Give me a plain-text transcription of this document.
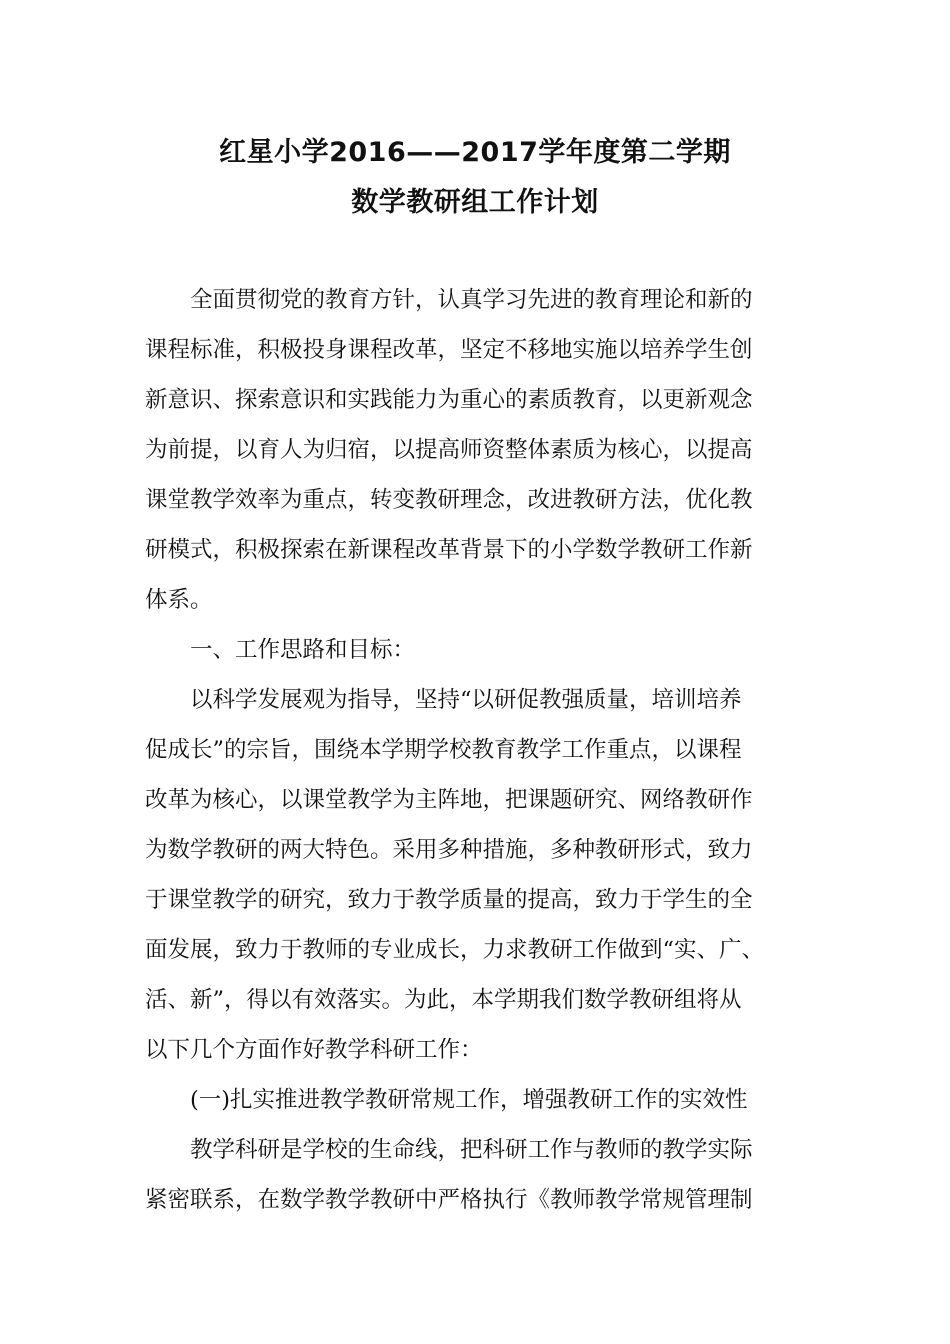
红星小学2016——2017学年度第二学期
数学教研组工作计划

　　全面贯彻党的教育方针，认真学习先进的教育理论和新的

课程标准，积极投身课程改革，坚定不移地实施以培养学生创

新意识、探索意识和实践能力为重心的素质教育，以更新观念

为前提，以育人为归宿，以提高师资整体素质为核心，以提高

课堂教学效率为重点，转变教研理念，改进教研方法，优化教

研模式，积极探索在新课程改革背景下的小学数学教研工作新

体系。

　　一、工作思路和目标：

　　以科学发展观为指导，坚持“以研促教强质量，培训培养

促成长”的宗旨，围绕本学期学校教育教学工作重点，以课程

改革为核心，以课堂教学为主阵地，把课题研究、网络教研作

为数学教研的两大特色。采用多种措施，多种教研形式，致力

于课堂教学的研究，致力于教学质量的提高，致力于学生的全

面发展，致力于教师的专业成长，力求教研工作做到“实、广、

活、新”，得以有效落实。为此，本学期我们数学教研组将从

以下几个方面作好教学科研工作：

　　(一)扎实推进教学教研常规工作，增强教研工作的实效性

　　教学科研是学校的生命线，把科研工作与教师的教学实际

紧密联系，在数学教学教研中严格执行《教师教学常规管理制
